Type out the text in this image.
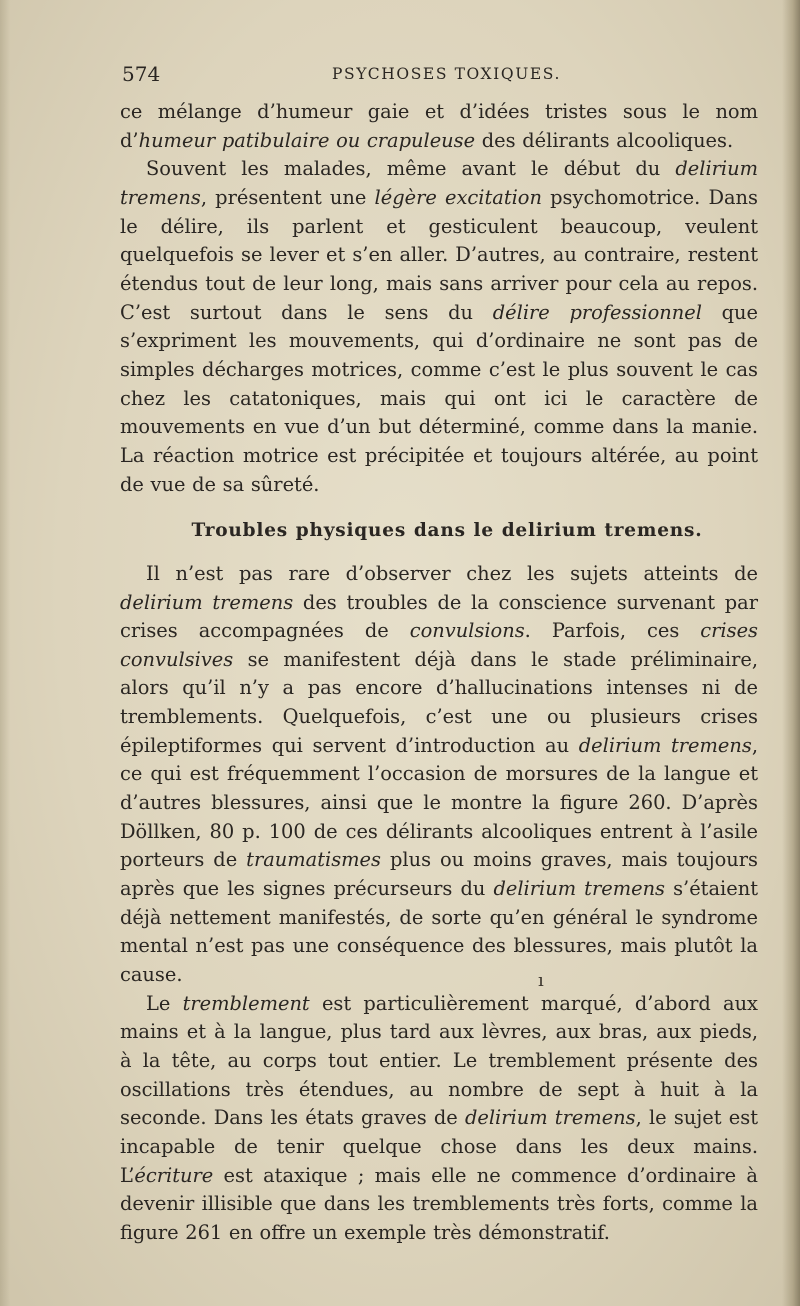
574	PSYCHOSES TOXIQUES.

ce mélange d’humeur gaie et d’idées tristes sous le nom d’humeur patibulaire ou crapuleuse des délirants alcooliques.

Souvent les malades, même avant le début du delirium tremens, présentent une légère excitation psychomotrice. Dans le délire, ils parlent et gesticulent beaucoup, veulent quelquefois se lever et s’en aller. D’autres, au contraire, restent étendus tout de leur long, mais sans arriver pour cela au repos. C’est surtout dans le sens du délire professionnel que s’expriment les mouvements, qui d’ordinaire ne sont pas de simples décharges motrices, comme c’est le plus souvent le cas chez les catatoniques, mais qui ont ici le caractère de mouvements en vue d’un but déterminé, comme dans la manie. La réaction motrice est précipitée et toujours altérée, au point de vue de sa sûreté.

Troubles physiques dans le delirium tremens.

Il n’est pas rare d’observer chez les sujets atteints de delirium tremens des troubles de la conscience survenant par crises accompagnées de convulsions. Parfois, ces crises convulsives se manifestent déjà dans le stade préliminaire, alors qu’il n’y a pas encore d’hallucinations intenses ni de tremblements. Quelquefois, c’est une ou plusieurs crises épileptiformes qui servent d’introduction au delirium tremens, ce qui est fréquemment l’occasion de morsures de la langue et d’autres blessures, ainsi que le montre la figure 260. D’après Döllken, 80 p. 100 de ces délirants alcooliques entrent à l’asile porteurs de traumatismes plus ou moins graves, mais toujours après que les signes précurseurs du delirium tremens s’étaient déjà nettement manifestés, de sorte qu’en général le syndrome mental n’est pas une conséquence des blessures, mais plutôt la cause.

Le tremblement est particulièrement marqué, d’abord aux mains et à la langue, plus tard aux lèvres, aux bras, aux pieds, à la tête, au corps tout entier. Le tremblement présente des oscillations très étendues, au nombre de sept à huit à la seconde. Dans les états graves de delirium tremens, le sujet est incapable de tenir quelque chose dans les deux mains. L’écriture est ataxique ; mais elle ne commence d’ordinaire à devenir illisible que dans les tremblements très forts, comme la figure 261 en offre un exemple très démonstratif.

ı
